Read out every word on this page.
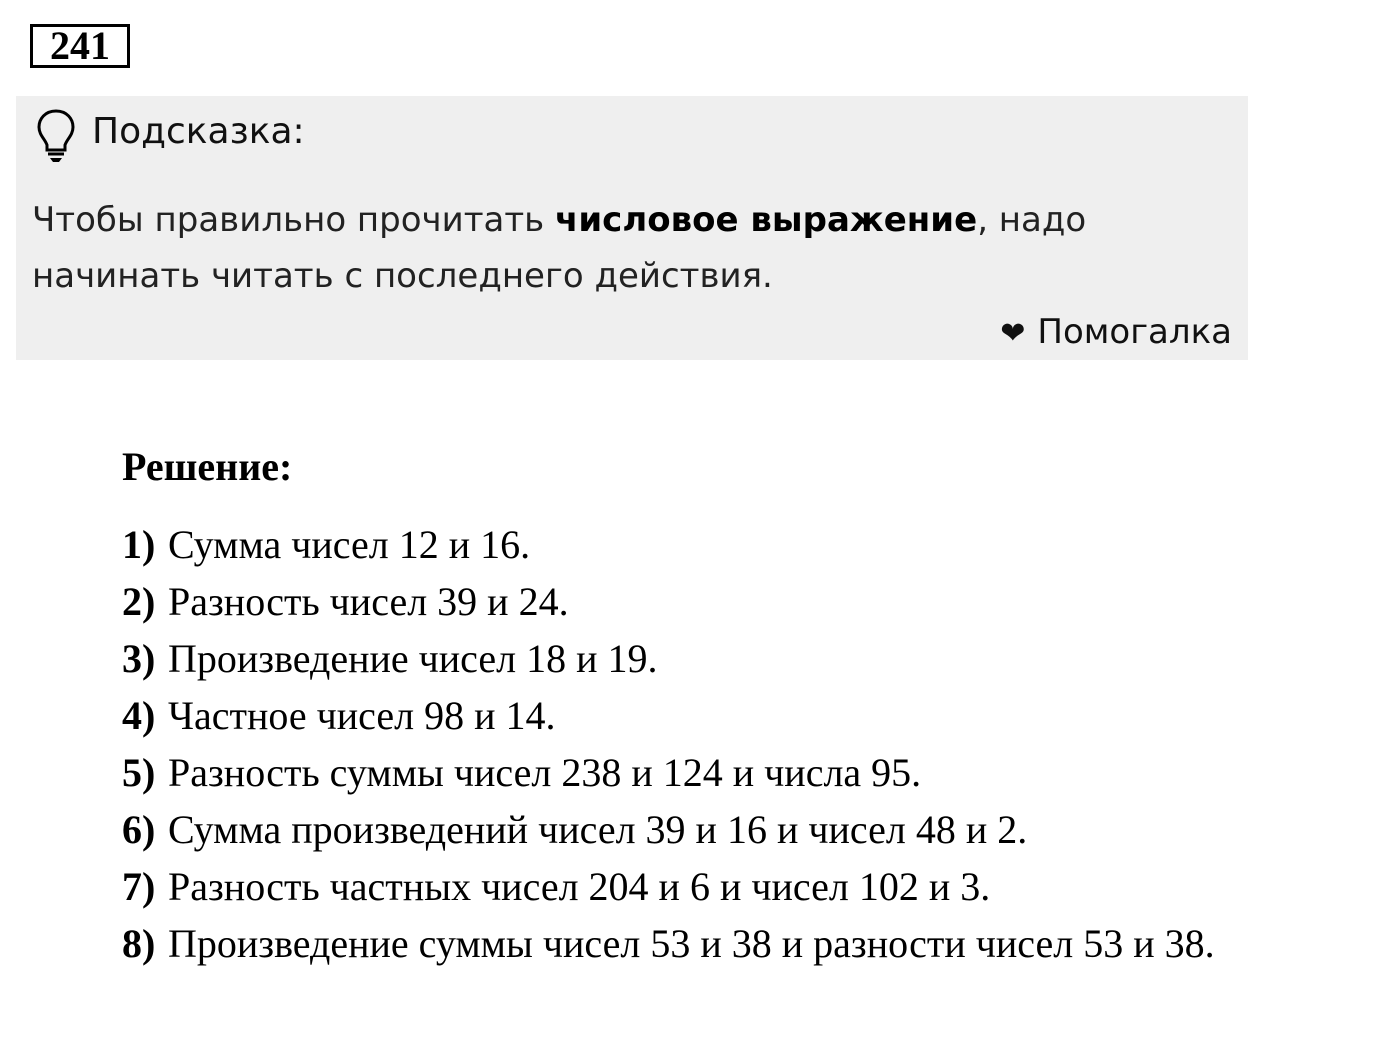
241
Подсказка:
Чтобы правильно прочитать числовое выражение, надо начинать читать с последнего действия.
❤ Помогалка
Решение:
1) Сумма чисел 12 и 16.
2) Разность чисел 39 и 24.
3) Произведение чисел 18 и 19.
4) Частное чисел 98 и 14.
5) Разность суммы чисел 238 и 124 и числа 95.
6) Сумма произведений чисел 39 и 16 и чисел 48 и 2.
7) Разность частных чисел 204 и 6 и чисел 102 и 3.
8) Произведение суммы чисел 53 и 38 и разности чисел 53 и 38.
